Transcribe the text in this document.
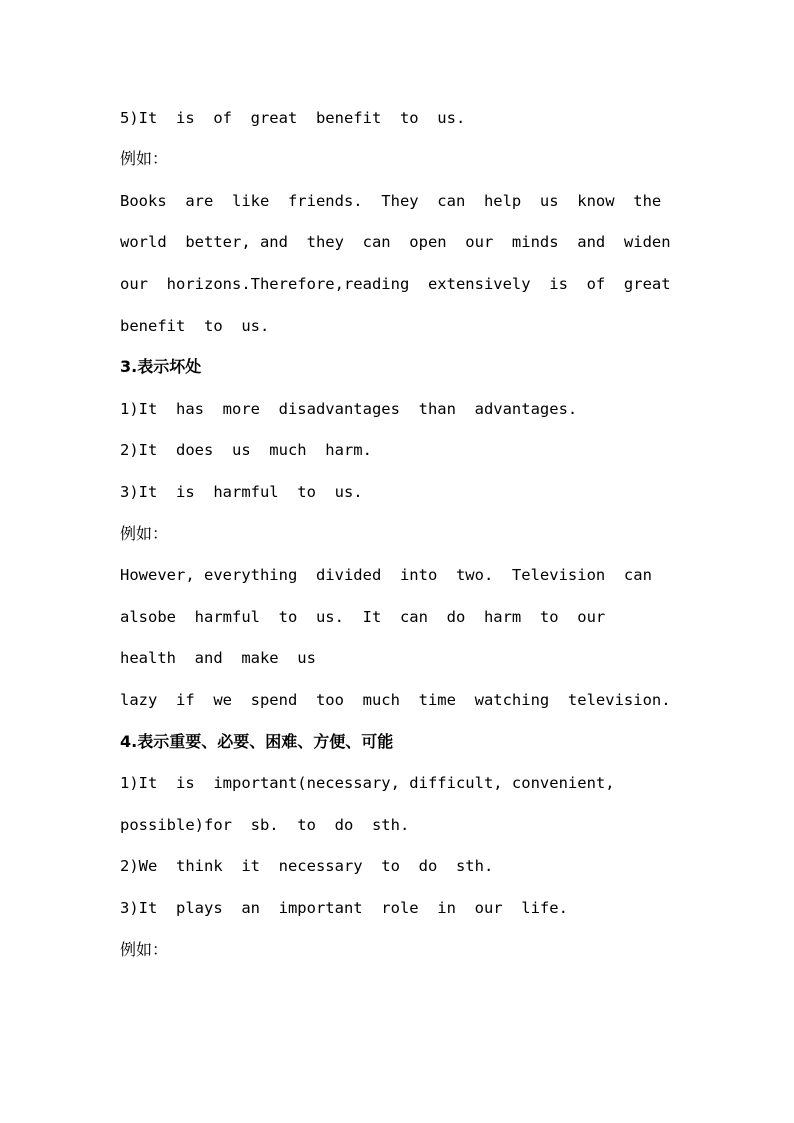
5)It  is  of  great  benefit  to  us.

例如：

Books  are  like  friends.  They  can  help  us  know  the

world  better, and  they  can  open  our  minds  and  widen

our  horizons.Therefore,reading  extensively  is  of  great

benefit  to  us.

3.表示坏处

1)It  has  more  disadvantages  than  advantages.

2)It  does  us  much  harm.

3)It  is  harmful  to  us.

例如：

However, everything  divided  into  two.  Television  can

alsobe  harmful  to  us.  It  can  do  harm  to  our

health  and  make  us

lazy  if  we  spend  too  much  time  watching  television.

4.表示重要、必要、困难、方便、可能

1)It  is  important(necessary, difficult, convenient,

possible)for  sb.  to  do  sth.

2)We  think  it  necessary  to  do  sth.

3)It  plays  an  important  role  in  our  life.

例如：
